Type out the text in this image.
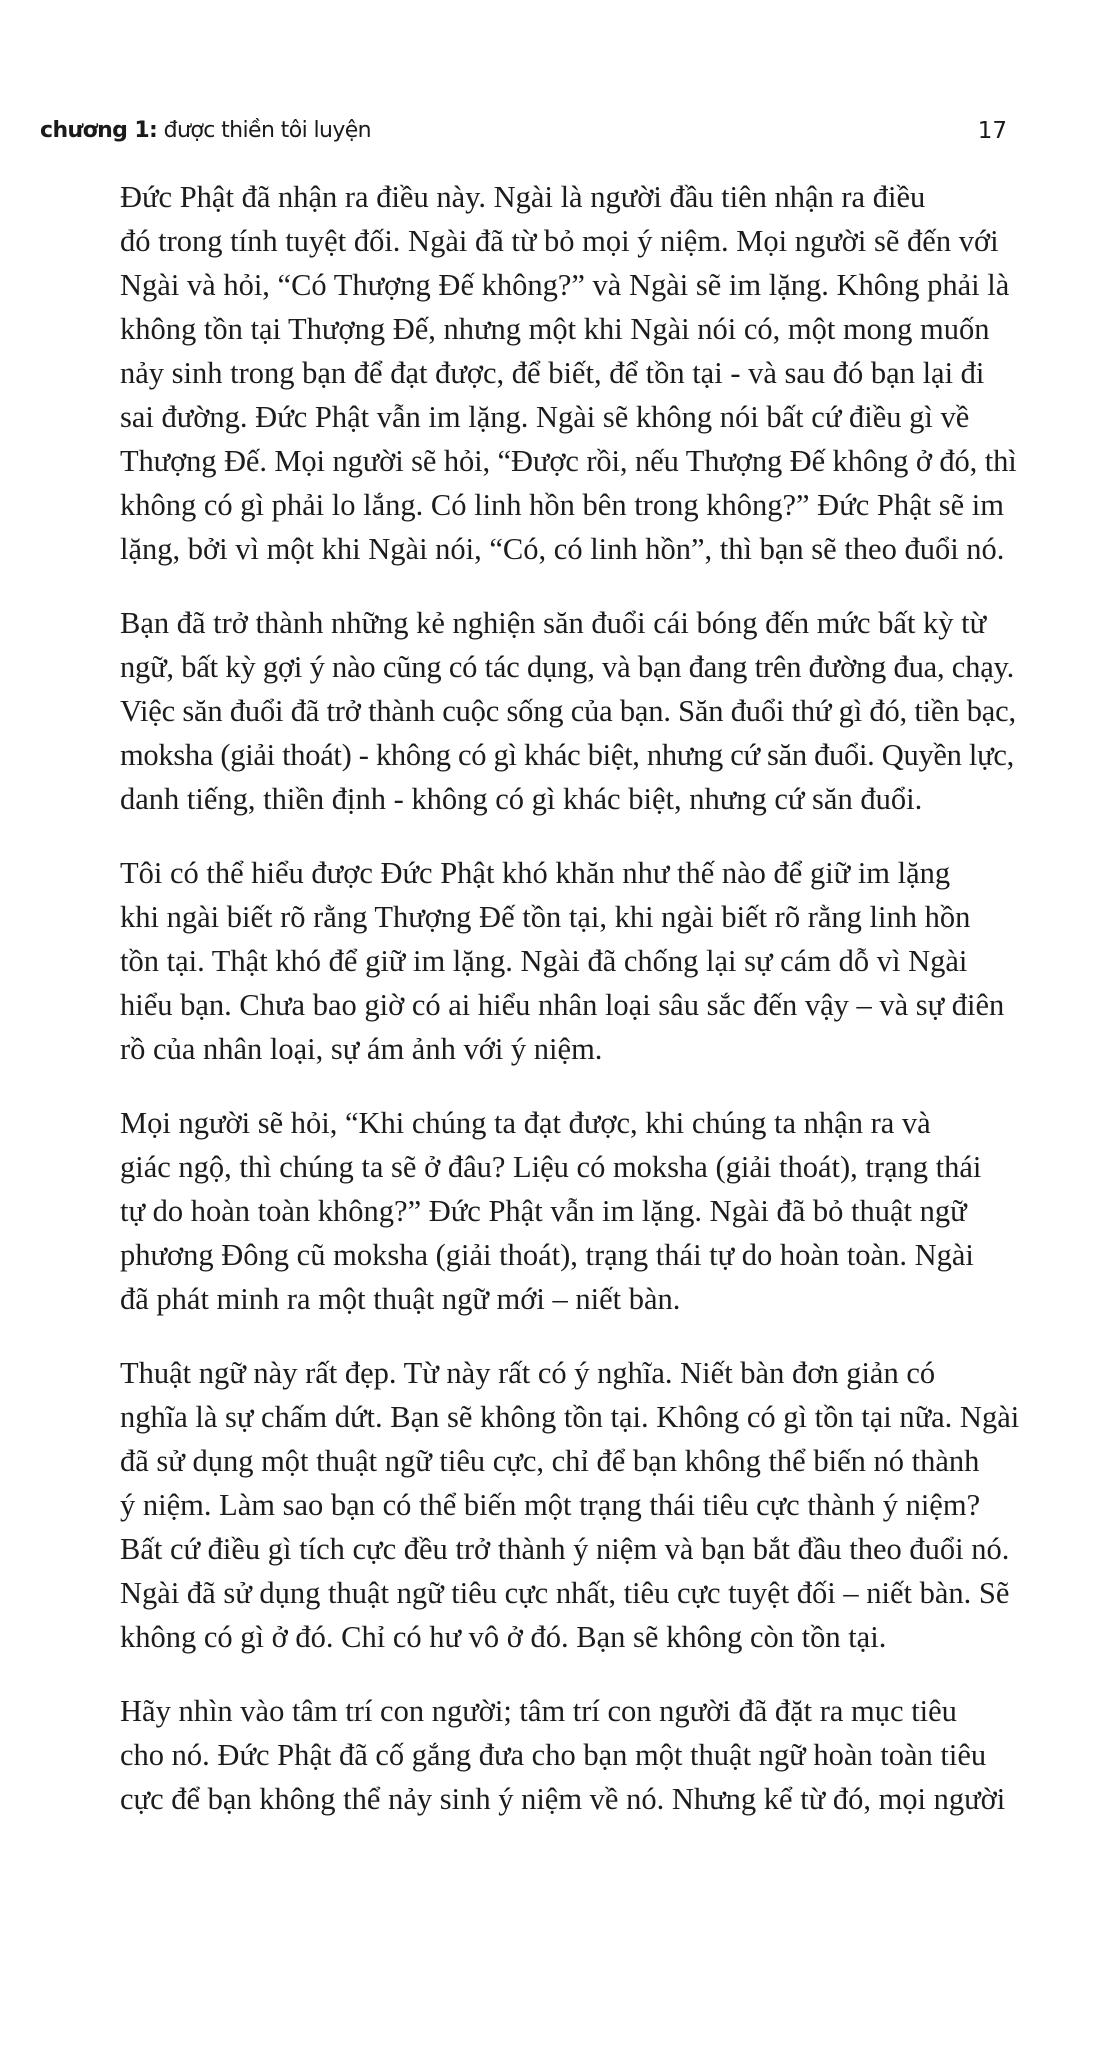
chương 1: được thiền tôi luyện	17

Đức Phật đã nhận ra điều này. Ngài là người đầu tiên nhận ra điều
đó trong tính tuyệt đối. Ngài đã từ bỏ mọi ý niệm. Mọi người sẽ đến với
Ngài và hỏi, “Có Thượng Đế không?” và Ngài sẽ im lặng. Không phải là
không tồn tại Thượng Đế, nhưng một khi Ngài nói có, một mong muốn
nảy sinh trong bạn để đạt được, để biết, để tồn tại - và sau đó bạn lại đi
sai đường. Đức Phật vẫn im lặng. Ngài sẽ không nói bất cứ điều gì về
Thượng Đế. Mọi người sẽ hỏi, “Được rồi, nếu Thượng Đế không ở đó, thì
không có gì phải lo lắng. Có linh hồn bên trong không?” Đức Phật sẽ im
lặng, bởi vì một khi Ngài nói, “Có, có linh hồn”, thì bạn sẽ theo đuổi nó.

Bạn đã trở thành những kẻ nghiện săn đuổi cái bóng đến mức bất kỳ từ
ngữ, bất kỳ gợi ý nào cũng có tác dụng, và bạn đang trên đường đua, chạy.
Việc săn đuổi đã trở thành cuộc sống của bạn. Săn đuổi thứ gì đó, tiền bạc,
moksha (giải thoát) - không có gì khác biệt, nhưng cứ săn đuổi. Quyền lực,
danh tiếng, thiền định - không có gì khác biệt, nhưng cứ săn đuổi.

Tôi có thể hiểu được Đức Phật khó khăn như thế nào để giữ im lặng
khi ngài biết rõ rằng Thượng Đế tồn tại, khi ngài biết rõ rằng linh hồn
tồn tại. Thật khó để giữ im lặng. Ngài đã chống lại sự cám dỗ vì Ngài
hiểu bạn. Chưa bao giờ có ai hiểu nhân loại sâu sắc đến vậy – và sự điên
rồ của nhân loại, sự ám ảnh với ý niệm.

Mọi người sẽ hỏi, “Khi chúng ta đạt được, khi chúng ta nhận ra và
giác ngộ, thì chúng ta sẽ ở đâu? Liệu có moksha (giải thoát), trạng thái
tự do hoàn toàn không?” Đức Phật vẫn im lặng. Ngài đã bỏ thuật ngữ
phương Đông cũ moksha (giải thoát), trạng thái tự do hoàn toàn. Ngài
đã phát minh ra một thuật ngữ mới – niết bàn.

Thuật ngữ này rất đẹp. Từ này rất có ý nghĩa. Niết bàn đơn giản có
nghĩa là sự chấm dứt. Bạn sẽ không tồn tại. Không có gì tồn tại nữa. Ngài
đã sử dụng một thuật ngữ tiêu cực, chỉ để bạn không thể biến nó thành
ý niệm. Làm sao bạn có thể biến một trạng thái tiêu cực thành ý niệm?
Bất cứ điều gì tích cực đều trở thành ý niệm và bạn bắt đầu theo đuổi nó.
Ngài đã sử dụng thuật ngữ tiêu cực nhất, tiêu cực tuyệt đối – niết bàn. Sẽ
không có gì ở đó. Chỉ có hư vô ở đó. Bạn sẽ không còn tồn tại.

Hãy nhìn vào tâm trí con người; tâm trí con người đã đặt ra mục tiêu
cho nó. Đức Phật đã cố gắng đưa cho bạn một thuật ngữ hoàn toàn tiêu
cực để bạn không thể nảy sinh ý niệm về nó. Nhưng kể từ đó, mọi người
